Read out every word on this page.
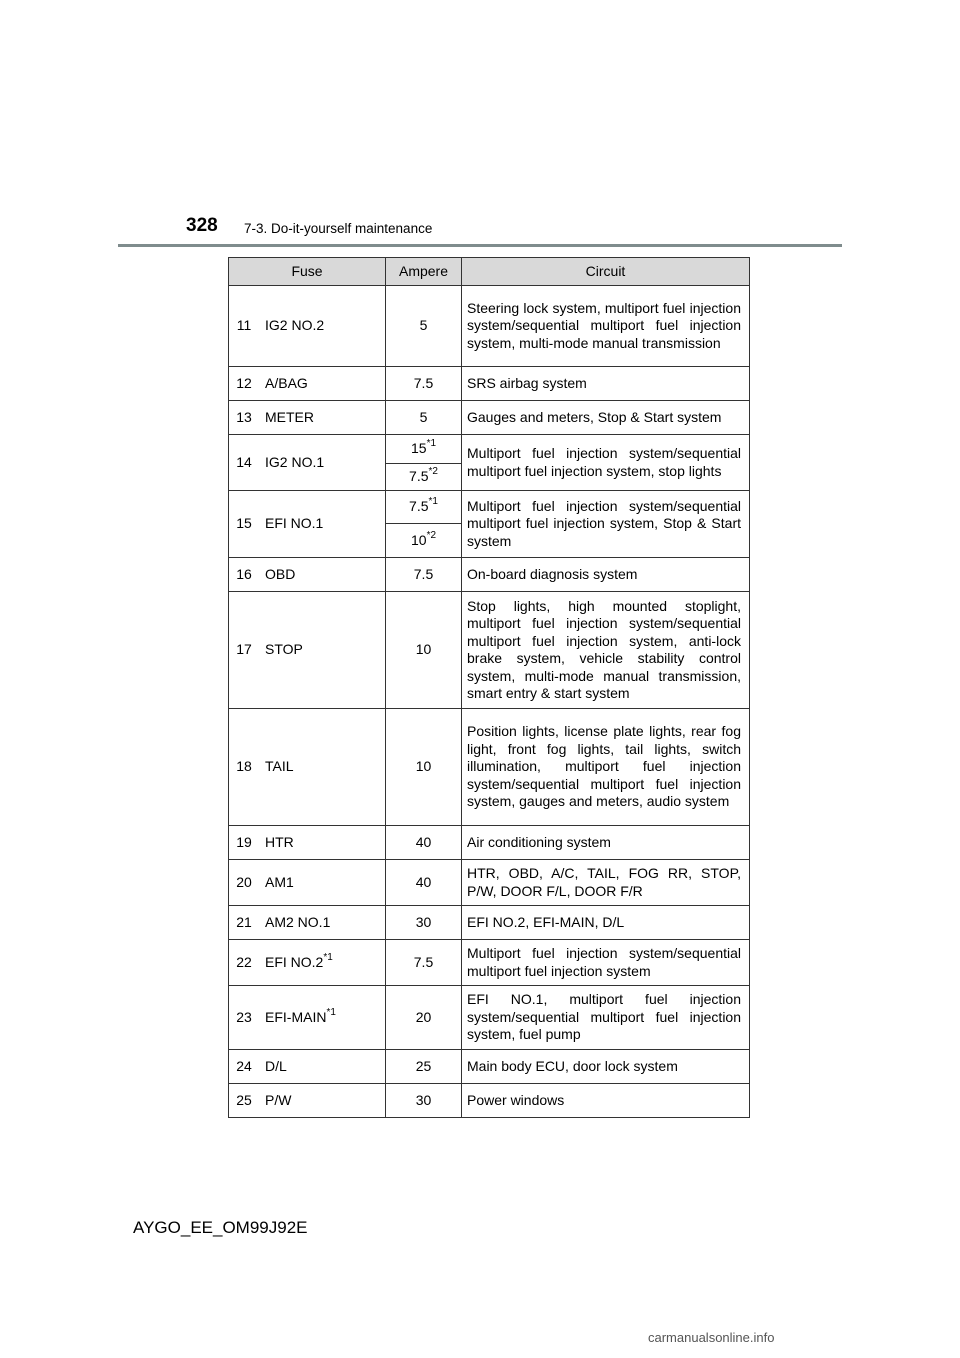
328 7-3. Do-it-yourself maintenance
Fuse		Ampere	Circuit
11	IG2 NO.2	5	Steering lock system, multiport fuel injection system/sequential multiport fuel injection system, multi-mode manual transmission
12	A/BAG	7.5	SRS airbag system
13	METER	5	Gauges and meters, Stop & Start system
14	IG2 NO.1	15$^{*1}$	Multiport fuel injection system/sequential multiport fuel injection system, stop lights
		7.5$^{*2}$
15	EFI NO.1	7.5$^{*1}$	Multiport fuel injection system/sequential multiport fuel injection system, Stop & Start system
		10$^{*2}$
16	OBD	7.5	On-board diagnosis system
17	STOP	10	Stop lights, high mounted stoplight, multiport fuel injection system/sequential multiport fuel injection system, anti-lock brake system, vehicle stability control system, multi-mode manual transmission, smart entry & start system
18	TAIL	10	Position lights, license plate lights, rear fog light, front fog lights, tail lights, switch illumination, multiport fuel injection system/sequential multiport fuel injection system, gauges and meters, audio system
19	HTR	40	Air conditioning system
20	AM1	40	HTR, OBD, A/C, TAIL, FOG RR, STOP, P/W, DOOR F/L, DOOR F/R
21	AM2 NO.1	30	EFI NO.2, EFI-MAIN, D/L
22	EFI NO.2$^{*1}$	7.5	Multiport fuel injection system/sequential multiport fuel injection system
23	EFI-MAIN$^{*1}$	20	EFI NO.1, multiport fuel injection system/sequential multiport fuel injection system, fuel pump
24	D/L	25	Main body ECU, door lock system
25	P/W	30	Power windows
AYGO_EE_OM99J92E
carmanualsonline.info
